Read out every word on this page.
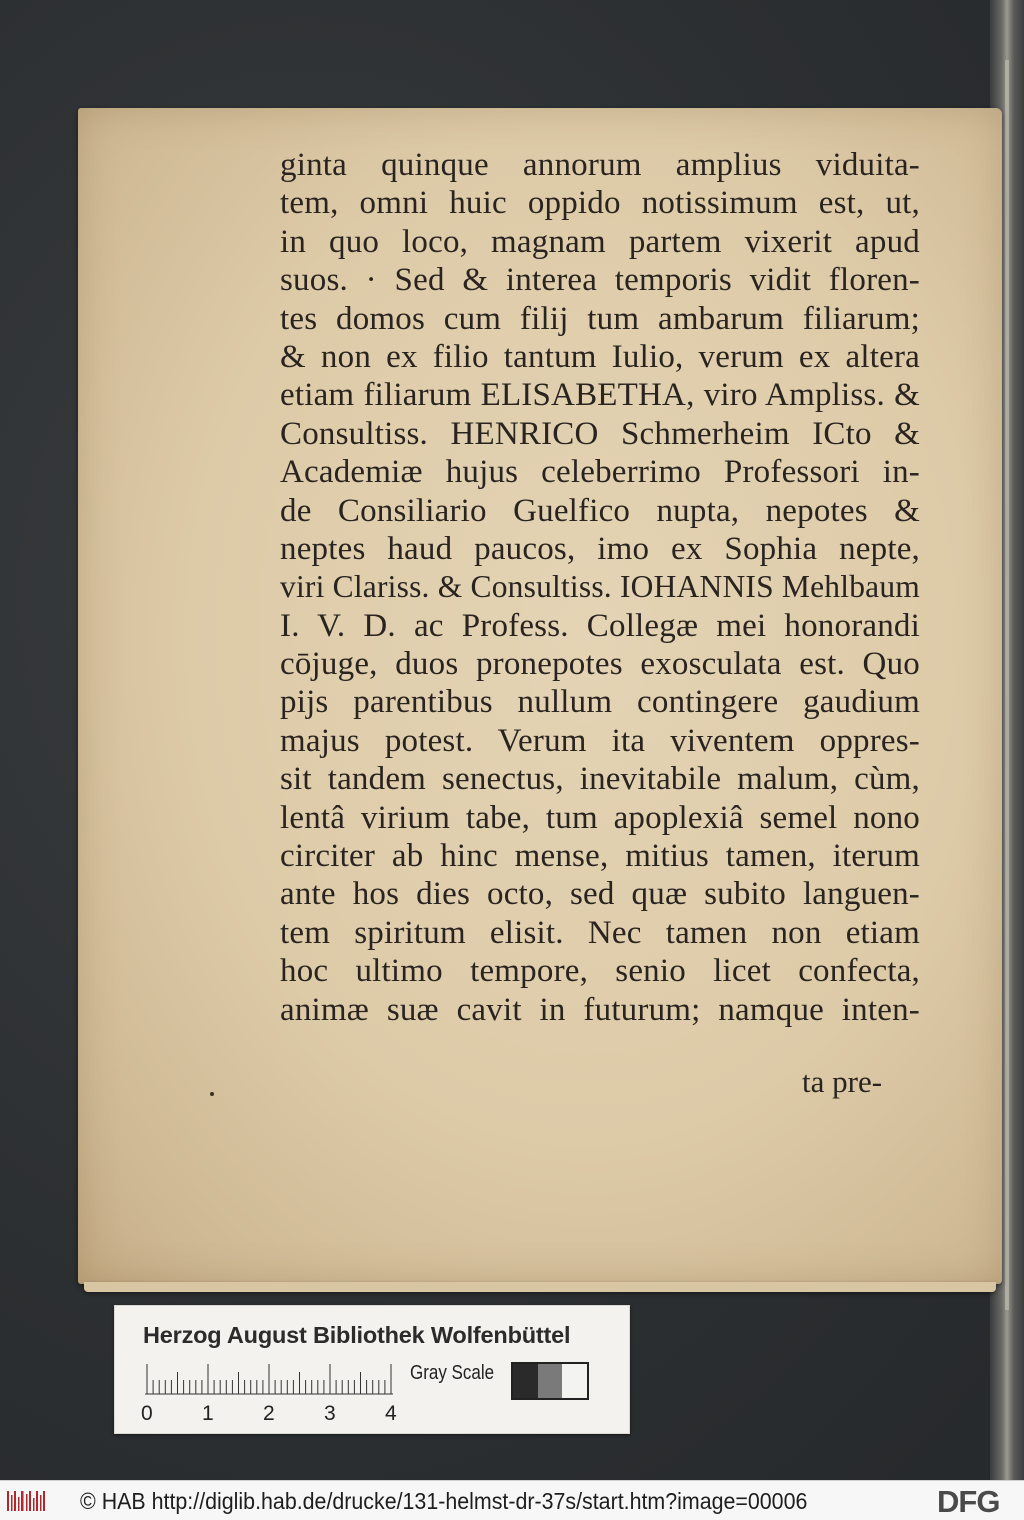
ginta quinque annorum amplius viduita-
tem, omni huic oppido notissimum est, ut,
in quo loco, magnam partem vixerit apud
suos. · Sed & interea temporis vidit floren-
tes domos cum filij tum ambarum filiarum;
& non ex filio tantum Iulio, verum ex altera
etiam filiarum ELISABETHA, viro Ampliss. &
Consultiss. HENRICO Schmerheim ICto &
Academiæ hujus celeberrimo Professori in-
de Consiliario Guelfico nupta, nepotes &
neptes haud paucos, imo ex Sophia nepte,
viri Clariss. & Consultiss. IOHANNIS Mehlbaum
I. V. D. ac Profess. Collegæ mei honorandi
cōjuge, duos pronepotes exosculata est. Quo
pijs parentibus nullum contingere gaudium
majus potest. Verum ita viventem oppres-
sit tandem senectus, inevitabile malum, cùm,
lentâ virium tabe, tum apoplexiâ semel nono
circiter ab hinc mense, mitius tamen, iterum
ante hos dies octo, sed quæ subito languen-
tem spiritum elisit. Nec tamen non etiam
hoc ultimo tempore, senio licet confecta,
animæ suæ cavit in futurum; namque inten-
ta pre-
Herzog August Bibliothek Wolfenbüttel
0 1 2 3 4
Gray Scale
© HAB http://diglib.hab.de/drucke/131-helmst-dr-37s/start.htm?image=00006	DFG
